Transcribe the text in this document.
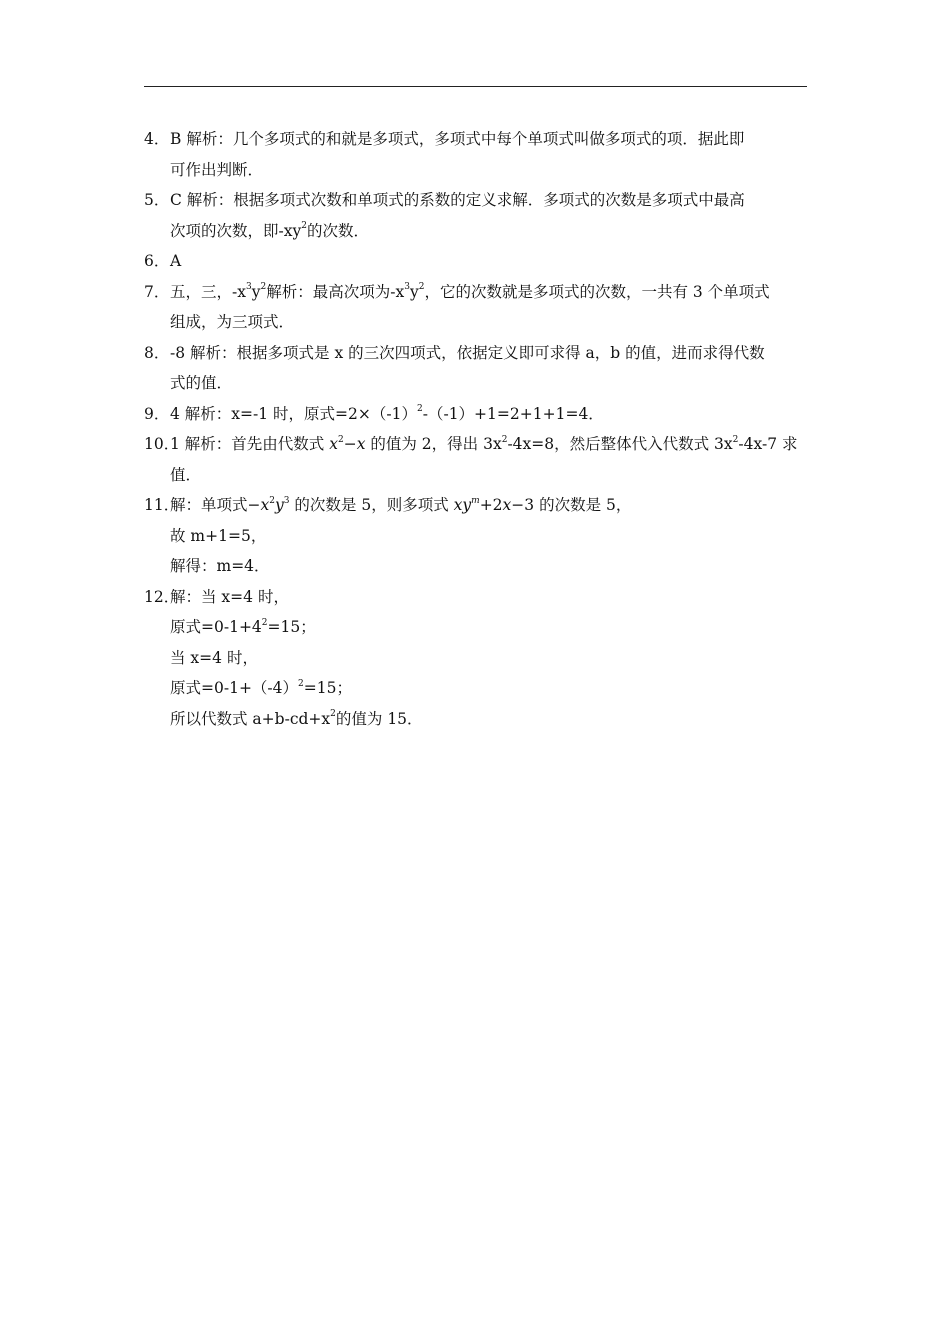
4． B 解析：几个多项式的和就是多项式，多项式中每个单项式叫做多项式的项．据此即
可作出判断．
5． C 解析：根据多项式次数和单项式的系数的定义求解．多项式的次数是多项式中最高
次项的次数，即$-xy^2$的次数．
6． A
7． 五，三，$-x^3y^2$解析：最高次项为$-x^3y^2$，它的次数就是多项式的次数，一共有 3 个单项式
组成，为三项式．
8． -8 解析：根据多项式是 x 的三次四项式，依据定义即可求得 a，b 的值，进而求得代数
式的值．
9． 4 解析：x=-1 时，原式$=2\times(-1)^2-(-1)+1=2+1+1=4$．
10．
1 解析：首先由代数式 $x^2-x$ 的值为 2，得出 $3x^2-4x=8$，然后整体代入代数式 $3x^2-4x-7$ 求
值．
11．
解：单项式$-x^2y^3$ 的次数是 5，则多项式 $xy^m+2x-3$ 的次数是 5，
故 m+1=5，
解得：m=4．
12．
解：当 x=4 时，
原式$=0-1+4^2=15$；
当 x=4 时，
原式$=0-1+(-4)^2=15$；
所以代数式 $a+b-cd+x^2$的值为 15．
